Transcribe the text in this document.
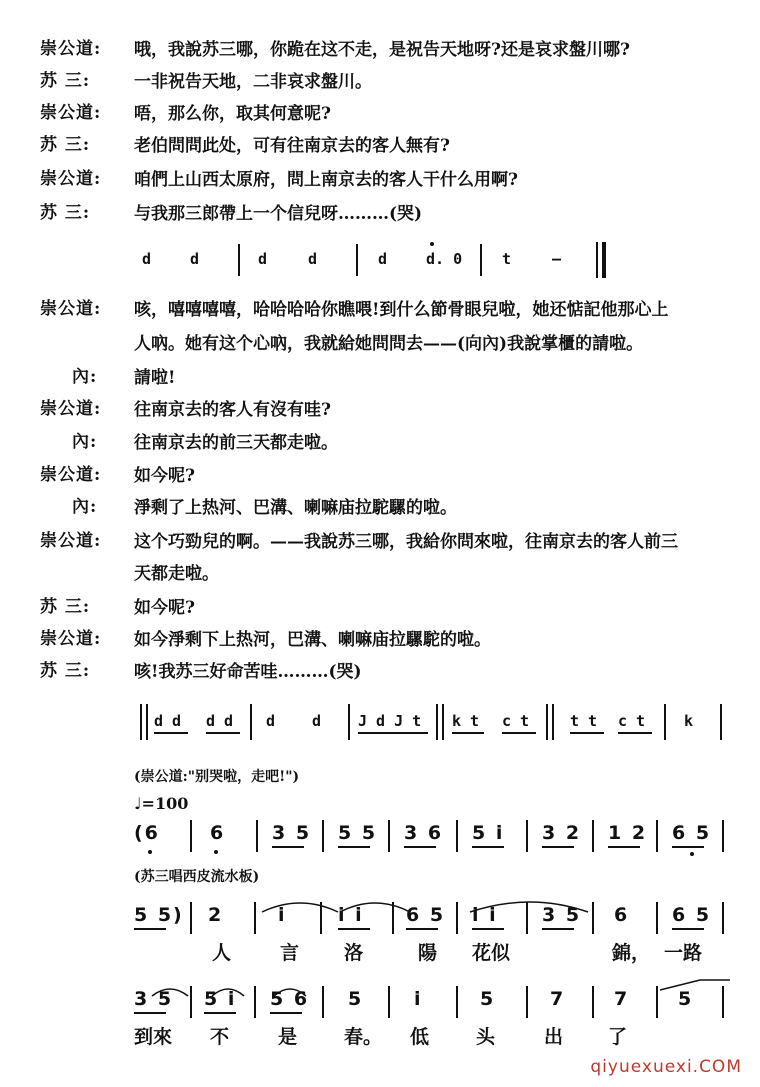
崇公道:	哦，我說苏三哪，你跪在这不走，是祝告天地呀?还是哀求盤川哪?
苏 三:	一非祝告天地，二非哀求盤川。
崇公道:	唔，那么你，取其何意呢?
苏 三:	老伯問問此处，可有往南京去的客人無有?
崇公道:	咱們上山西太原府，問上南京去的客人干什么用啊?
苏 三:	与我那三郎帶上一个信兒呀………(哭)
d	d	d	d	d	d. 0	t	–
崇公道:	咳，嘻嘻嘻嘻，哈哈哈哈你瞧喂!到什么節骨眼兒啦，她还惦記他那心上
人吶。她有这个心吶，我就給她問問去——(向內)我說掌櫃的請啦。
內:	請啦!
崇公道:	往南京去的客人有沒有哇?
內:	往南京去的前三天都走啦。
崇公道:	如今呢?
內:	淨剩了上热河、巴溝、喇嘛庙拉駝騾的啦。
崇公道:	这个巧勁兒的啊。——我說苏三哪，我給你問來啦，往南京去的客人前三
天都走啦。
苏 三:	如今呢?
崇公道:	如今淨剩下上热河，巴溝、喇嘛庙拉騾駝的啦。
苏 三:	咳!我苏三好命苦哇………(哭)
d d d d d d J d J t k t c t	t t c t	k
(崇公道:"别哭啦，走吧!")
♩=100
(6	6 3 5 5 5 3 6 5 i 3 2 1 2 6 5
(苏三唱西皮流水板)
5 5) 2	i	i i 6 5 i i 3 5 6 6 5
人	言 洛	陽 花似	錦， 一路
3 5 5 i 5 6 5	i	5	7	7	5
到來 不	是 春。 低 头	出 了
qiyuexuexi.COM
